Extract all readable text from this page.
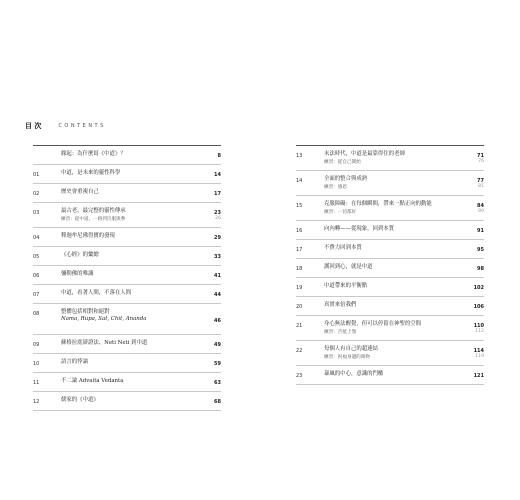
目 次	CONTENTS
緣起：為什麼寫《中道》？	8
01	中道，是未來的靈性科學	14
02	歷史會重複自己	17
03	最古老、最完整的靈性傳承	23
練習：從中道，一路到臣服與參	26
04	釋迦牟尼佛得寶的發現	29
05	《心經》的彙總	33
06	彌勒佛的唯識	41
07	中道，看著人間，不落在人間	44
08	整體包括相對和絕對
Nama, Rupa, Sat, Chit, Ananda	46
09	蘇格拉底辯證法、Neti Neti 到中道	49
10	語言的悖論	59
11	不二論 Advaita Vedanta	63
12	儒家的《中道》	68
13	末法時代，中道是最靠得住的老師	71
練習：從自己開始	76
14	全面的整合與成熟	77
練習：感恩	81
15	克服障礙：在每個瞬間，帶來一點正向的動能	84
練習：一切都好	89
16	向內轉——從現象，回到本質	91
17	不費力回到本質	95
18	護回到心，就是中道	98
19	中道帶來的平衡點	102
20	真實來倍我們	106
21	身心無法醒覺，但可以停留在神聖的空間	110
練習：舌抵上顎	112
22	每個人有自己的超連結	114
練習：祝福身邊的萬物	119
23	暴風的中心，意識的門檻	121
